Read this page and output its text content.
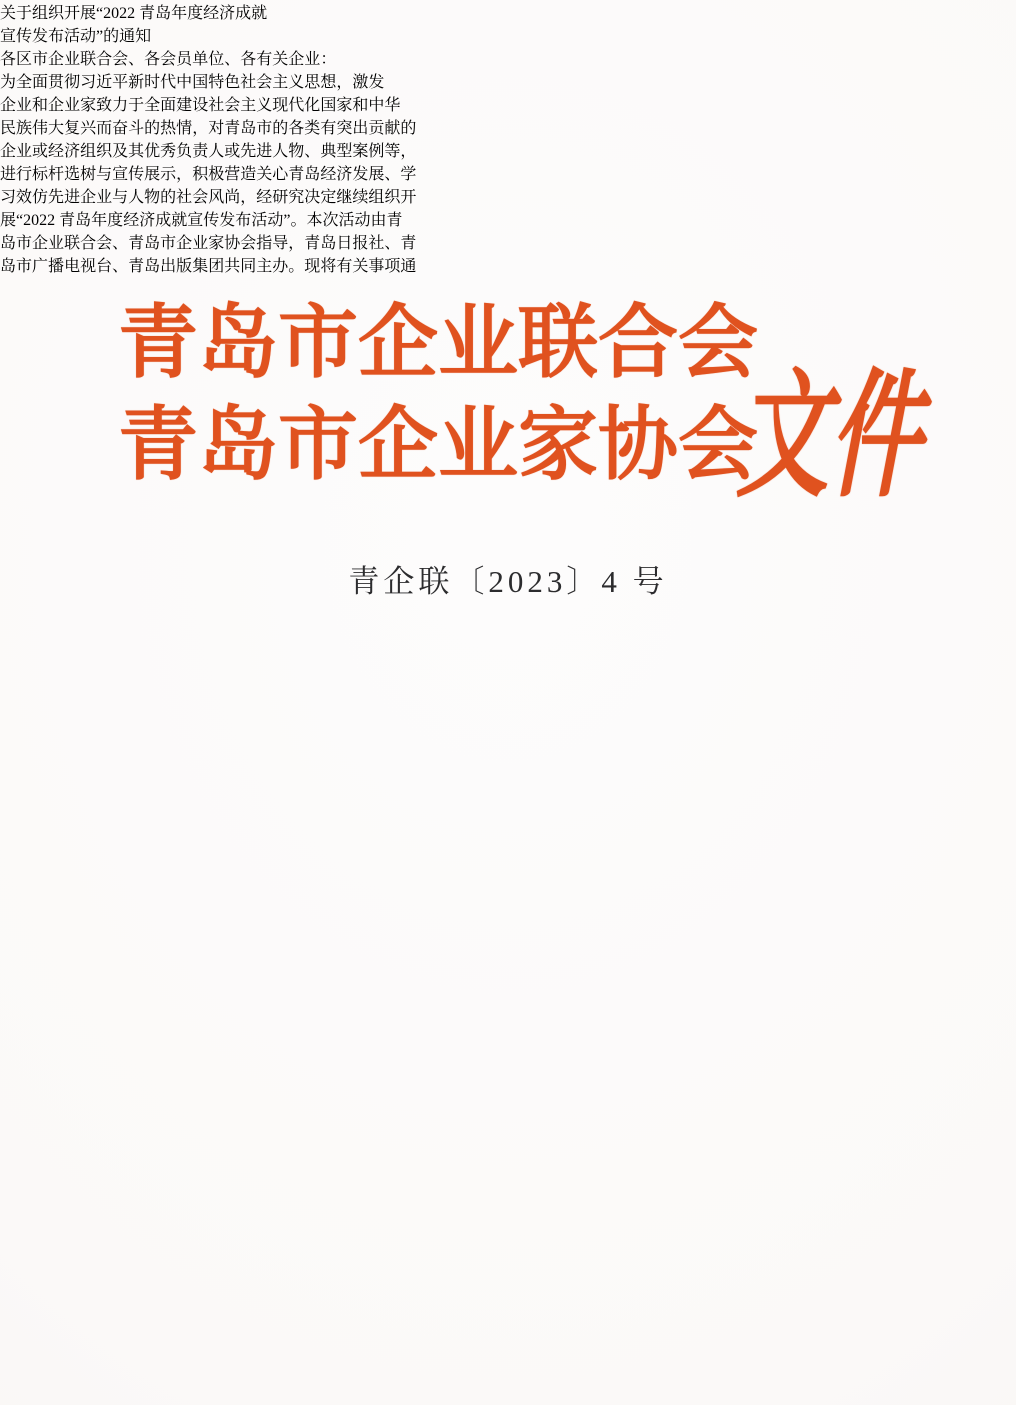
青 岛 市 企 业 联 合 会
青 岛 市 企 业 家 协 会
文
件
青企联〔2023〕4 号
关于组织开展“2022 青岛年度经济成就
宣传发布活动”的通知
各区市企业联合会、各会员单位、各有关企业：
为全面贯彻习近平新时代中国特色社会主义思想，激发
企业和企业家致力于全面建设社会主义现代化国家和中华
民族伟大复兴而奋斗的热情，对青岛市的各类有突出贡献的
企业或经济组织及其优秀负责人或先进人物、典型案例等，
进行标杆选树与宣传展示，积极营造关心青岛经济发展、学
习效仿先进企业与人物的社会风尚，经研究决定继续组织开
展“2022 青岛年度经济成就宣传发布活动”。本次活动由青
岛市企业联合会、青岛市企业家协会指导，青岛日报社、青
岛市广播电视台、青岛出版集团共同主办。现将有关事项通
